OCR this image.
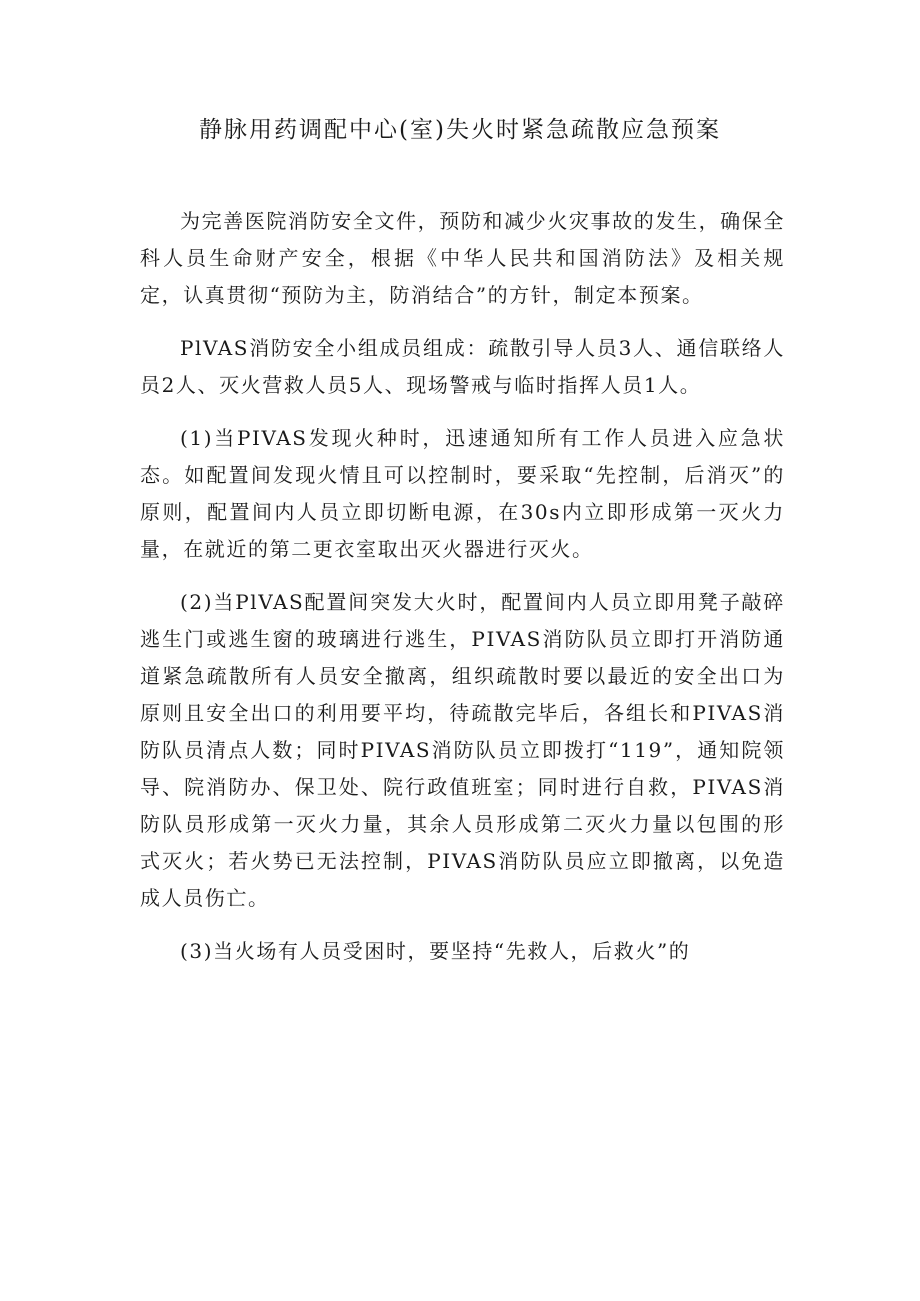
静脉用药调配中心(室)失火时紧急疏散应急预案

为完善医院消防安全文件，预防和减少火灾事故的发生，确保全科人员生命财产安全，根据《中华人民共和国消防法》及相关规定，认真贯彻“预防为主，防消结合”的方针，制定本预案。

PlVAS消防安全小组成员组成：疏散引导人员3人、通信联络人员2人、灭火营救人员5人、现场警戒与临时指挥人员1人。

(1)当PIVAS发现火种时，迅速通知所有工作人员进入应急状态。如配置间发现火情且可以控制时，要采取“先控制，后消灭”的原则，配置间内人员立即切断电源，在30s内立即形成第一灭火力量，在就近的第二更衣室取出灭火器进行灭火。

(2)当PlVAS配置间突发大火时，配置间内人员立即用凳子敲碎逃生门或逃生窗的玻璃进行逃生，PIVAS消防队员立即打开消防通道紧急疏散所有人员安全撤离，组织疏散时要以最近的安全出口为原则且安全出口的利用要平均，待疏散完毕后，各组长和PIVAS消防队员清点人数；同时PIVAS消防队员立即拨打“119”，通知院领导、院消防办、保卫处、院行政值班室；同时进行自救，PIVAS消防队员形成第一灭火力量，其余人员形成第二灭火力量以包围的形式灭火；若火势已无法控制，PIVAS消防队员应立即撤离，以免造成人员伤亡。

(3)当火场有人员受困时，要坚持“先救人，后救火”的
